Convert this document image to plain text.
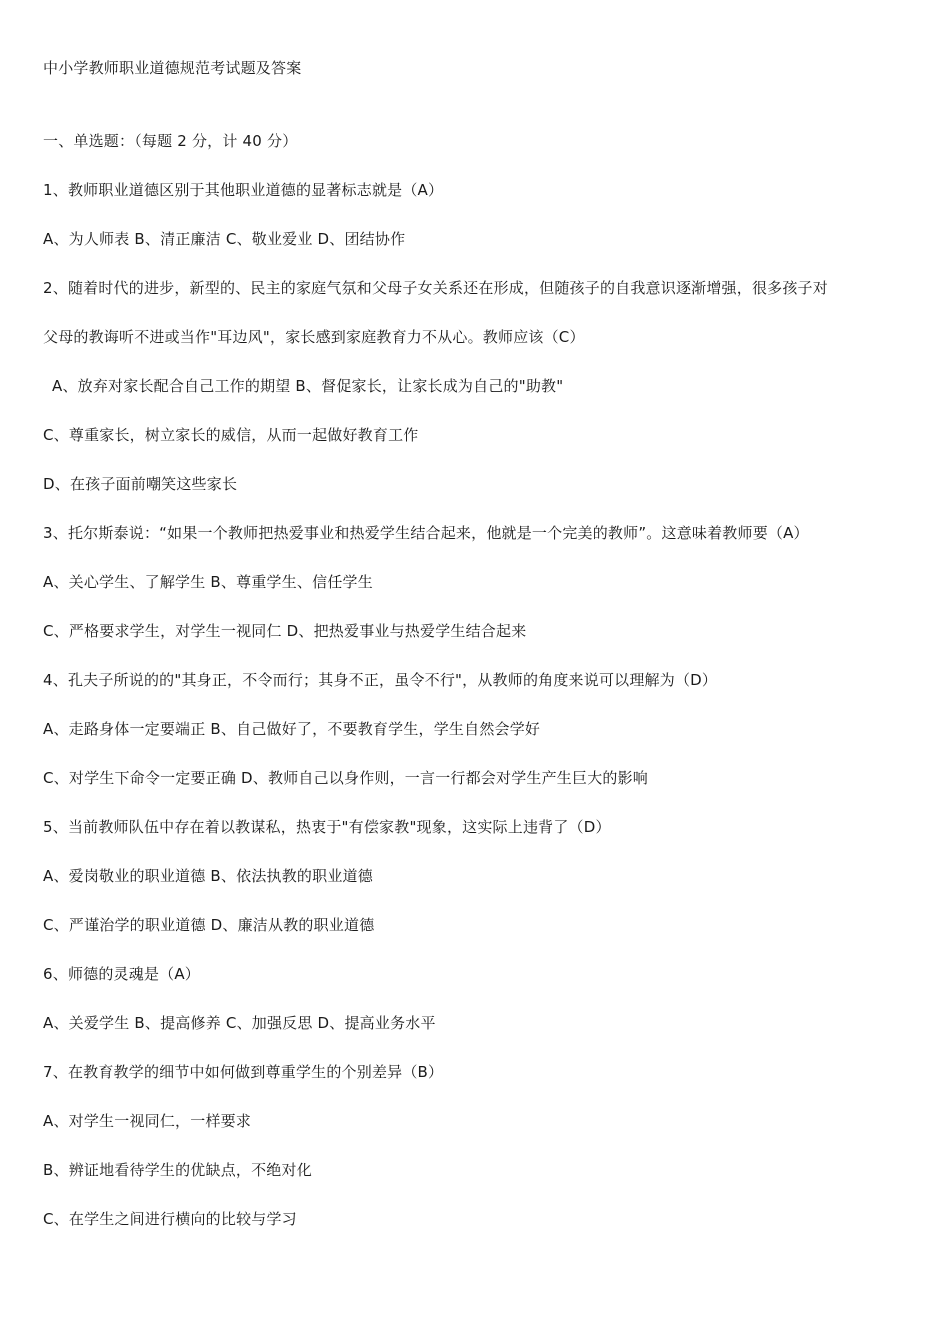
中小学教师职业道德规范考试题及答案
一、单选题：（每题 2 分，计 40 分）
1、教师职业道德区别于其他职业道德的显著标志就是（A）
A、为人师表 B、清正廉洁 C、敬业爱业 D、团结协作
2、随着时代的进步，新型的、民主的家庭气氛和父母子女关系还在形成，但随孩子的自我意识逐渐增强，很多孩子对
父母的教诲听不进或当作"耳边风"，家长感到家庭教育力不从心。教师应该（C）
A、放弃对家长配合自己工作的期望 B、督促家长，让家长成为自己的"助教"
C、尊重家长，树立家长的威信，从而一起做好教育工作
D、在孩子面前嘲笑这些家长
3、托尔斯泰说：“如果一个教师把热爱事业和热爱学生结合起来，他就是一个完美的教师”。这意味着教师要（A）
A、关心学生、了解学生 B、尊重学生、信任学生
C、严格要求学生，对学生一视同仁 D、把热爱事业与热爱学生结合起来
4、孔夫子所说的的"其身正，不令而行；其身不正，虽令不行"，从教师的角度来说可以理解为（D）
A、走路身体一定要端正 B、自己做好了，不要教育学生，学生自然会学好
C、对学生下命令一定要正确 D、教师自己以身作则，一言一行都会对学生产生巨大的影响
5、当前教师队伍中存在着以教谋私，热衷于"有偿家教"现象，这实际上违背了（D）
A、爱岗敬业的职业道德 B、依法执教的职业道德
C、严谨治学的职业道德 D、廉洁从教的职业道德
6、师德的灵魂是（A）
A、关爱学生 B、提高修养 C、加强反思 D、提高业务水平
7、在教育教学的细节中如何做到尊重学生的个别差异（B）
A、对学生一视同仁，一样要求
B、辨证地看待学生的优缺点，不绝对化
C、在学生之间进行横向的比较与学习
